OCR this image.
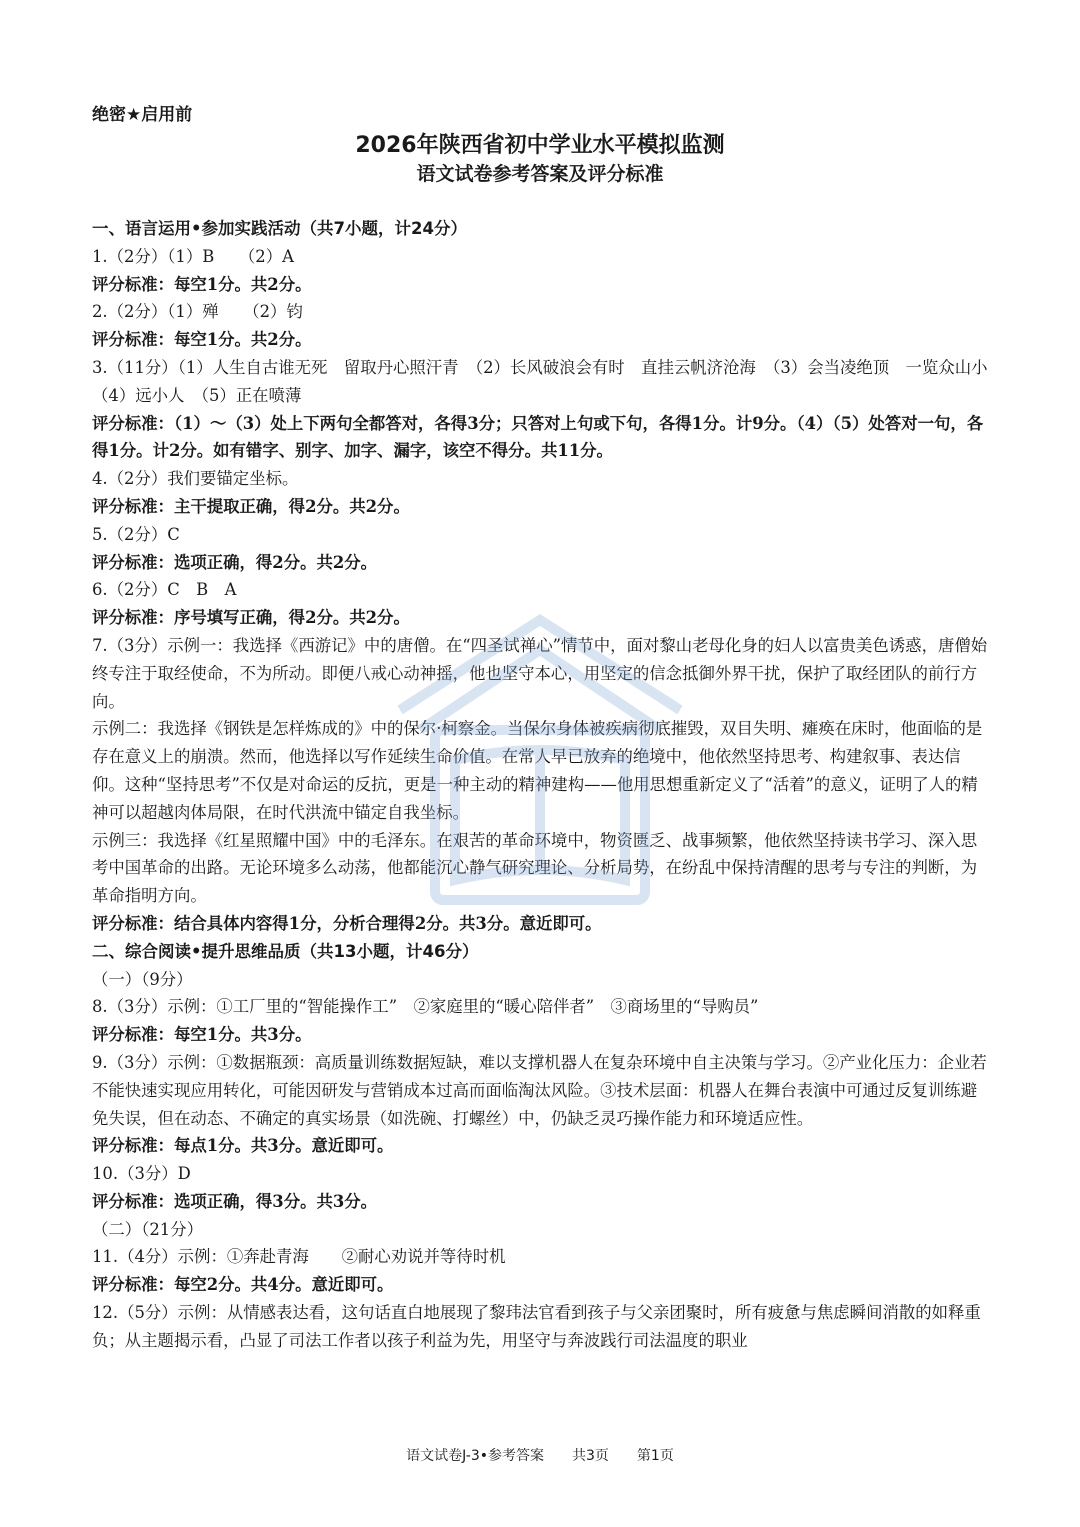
绝密★启用前
2026年陕西省初中学业水平模拟监测
语文试卷参考答案及评分标准

一、语言运用•参加实践活动（共7小题，计24分）

1.（2分）（1）B　　（2）A

评分标准：每空1分。共2分。

2.（2分）（1）殚　　（2）钧

评分标准：每空1分。共2分。

3.（11分）（1）人生自古谁无死　留取丹心照汗青　（2）长风破浪会有时　直挂云帆济沧海　（3）会当凌绝顶　一览众山小　（4）远小人　（5）正在喷薄

评分标准：（1）～（3）处上下两句全都答对，各得3分；只答对上句或下句，各得1分。计9分。（4）（5）处答对一句，各得1分。计2分。如有错字、别字、加字、漏字，该空不得分。共11分。

4.（2分）我们要锚定坐标。

评分标准：主干提取正确，得2分。共2分。

5.（2分）C

评分标准：选项正确，得2分。共2分。

6.（2分）C　B　A

评分标准：序号填写正确，得2分。共2分。

7.（3分）示例一：我选择《西游记》中的唐僧。在“四圣试禅心”情节中，面对黎山老母化身的妇人以富贵美色诱惑，唐僧始终专注于取经使命，不为所动。即便八戒心动神摇，他也坚守本心，用坚定的信念抵御外界干扰，保护了取经团队的前行方向。

示例二：我选择《钢铁是怎样炼成的》中的保尔·柯察金。当保尔身体被疾病彻底摧毁，双目失明、瘫痪在床时，他面临的是存在意义上的崩溃。然而，他选择以写作延续生命价值。在常人早已放弃的绝境中，他依然坚持思考、构建叙事、表达信仰。这种“坚持思考”不仅是对命运的反抗，更是一种主动的精神建构——他用思想重新定义了“活着”的意义，证明了人的精神可以超越肉体局限，在时代洪流中锚定自我坐标。

示例三：我选择《红星照耀中国》中的毛泽东。在艰苦的革命环境中，物资匮乏、战事频繁，他依然坚持读书学习、深入思考中国革命的出路。无论环境多么动荡，他都能沉心静气研究理论、分析局势，在纷乱中保持清醒的思考与专注的判断，为革命指明方向。

评分标准：结合具体内容得1分，分析合理得2分。共3分。意近即可。

二、综合阅读•提升思维品质（共13小题，计46分）

（一）（9分）

8.（3分）示例：①工厂里的“智能操作工”　②家庭里的“暖心陪伴者”　③商场里的“导购员”

评分标准：每空1分。共3分。

9.（3分）示例：①数据瓶颈：高质量训练数据短缺，难以支撑机器人在复杂环境中自主决策与学习。②产业化压力：企业若不能快速实现应用转化，可能因研发与营销成本过高而面临淘汰风险。③技术层面：机器人在舞台表演中可通过反复训练避免失误，但在动态、不确定的真实场景（如洗碗、打螺丝）中，仍缺乏灵巧操作能力和环境适应性。

评分标准：每点1分。共3分。意近即可。

10.（3分）D

评分标准：选项正确，得3分。共3分。

（二）（21分）

11.（4分）示例：①奔赴青海　　②耐心劝说并等待时机

评分标准：每空2分。共4分。意近即可。

12.（5分）示例：从情感表达看，这句话直白地展现了黎玮法官看到孩子与父亲团聚时，所有疲惫与焦虑瞬间消散的如释重负；从主题揭示看，凸显了司法工作者以孩子利益为先，用坚守与奔波践行司法温度的职业

语文试卷J-3•参考答案　　共3页　　第1页
